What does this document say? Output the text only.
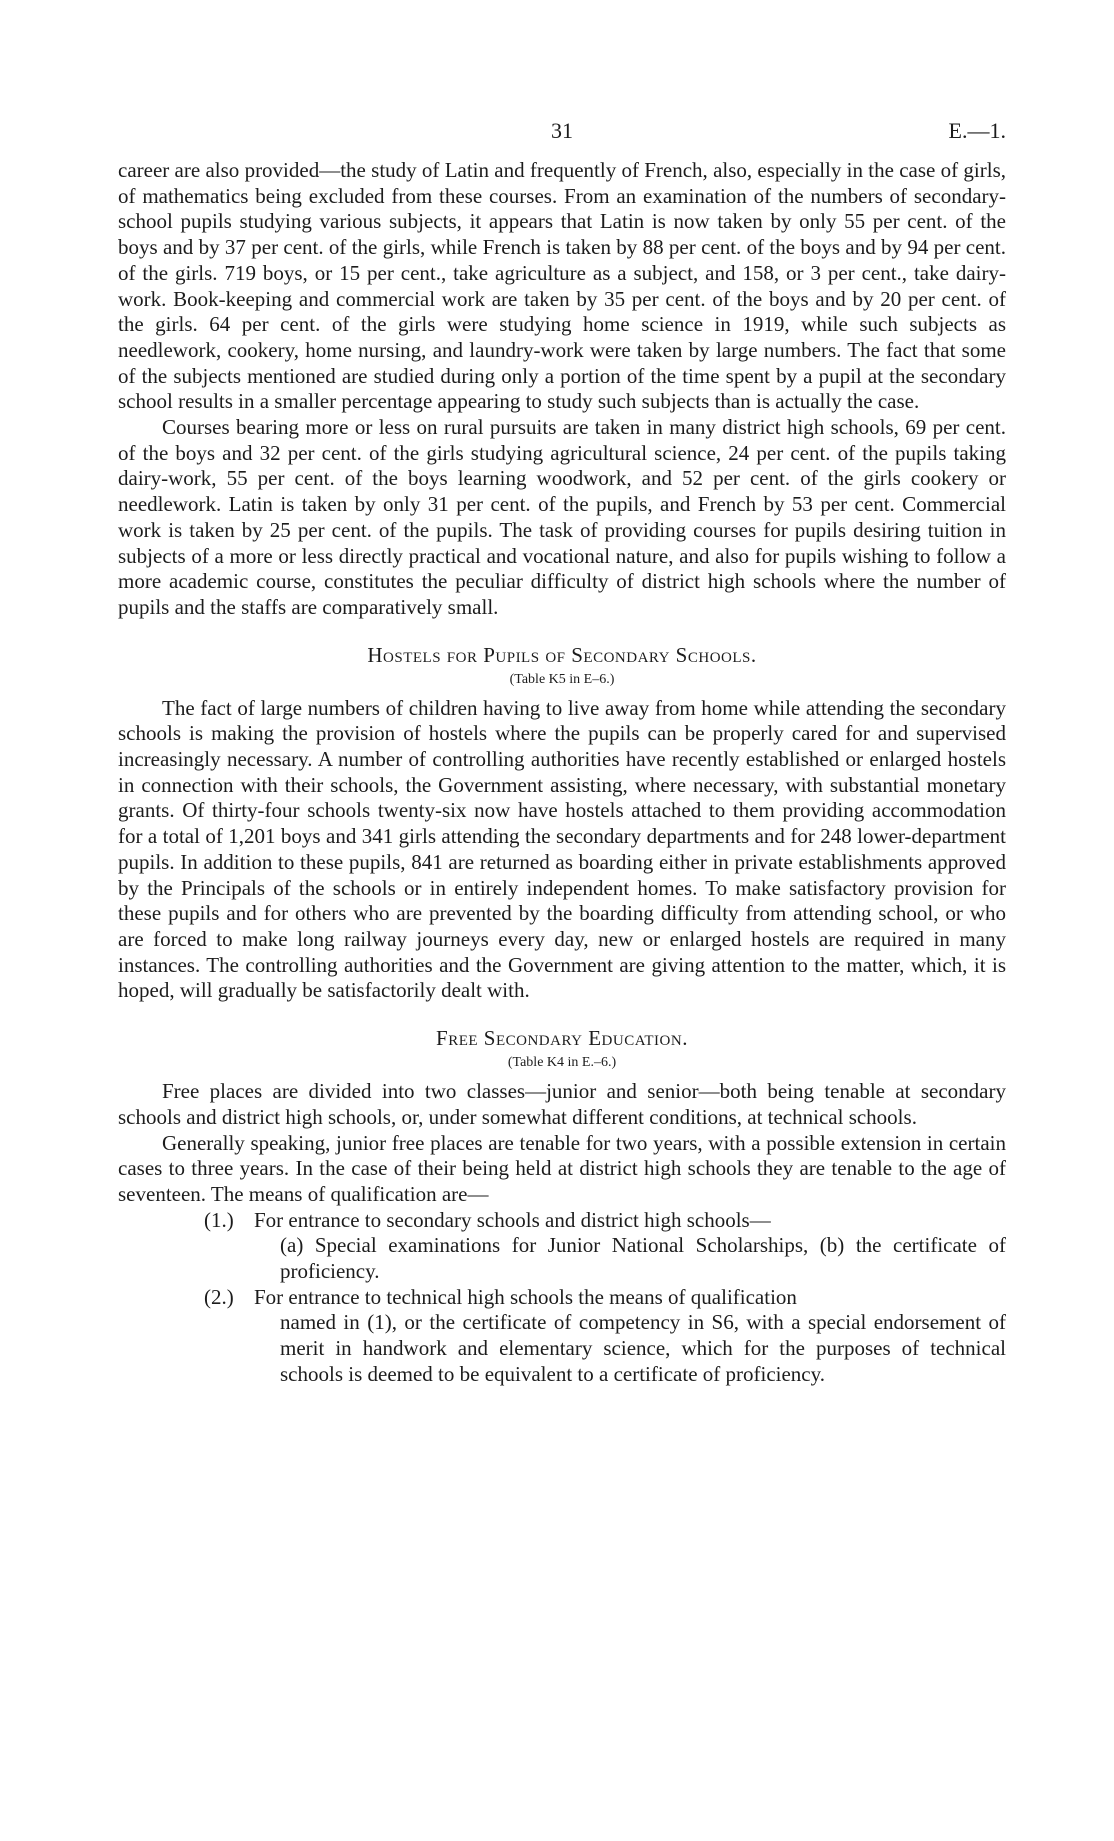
31	E.—1.

career are also provided—the study of Latin and frequently of French, also, especially in the case of girls, of mathematics being excluded from these courses. From an examination of the numbers of secondary-school pupils studying various subjects, it appears that Latin is now taken by only 55 per cent. of the boys and by 37 per cent. of the girls, while French is taken by 88 per cent. of the boys and by 94 per cent. of the girls. 719 boys, or 15 per cent., take agriculture as a subject, and 158, or 3 per cent., take dairy-work. Book-keeping and commercial work are taken by 35 per cent. of the boys and by 20 per cent. of the girls. 64 per cent. of the girls were studying home science in 1919, while such subjects as needlework, cookery, home nursing, and laundry-work were taken by large numbers. The fact that some of the subjects mentioned are studied during only a portion of the time spent by a pupil at the secondary school results in a smaller percentage appearing to study such subjects than is actually the case.

Courses bearing more or less on rural pursuits are taken in many district high schools, 69 per cent. of the boys and 32 per cent. of the girls studying agricultural science, 24 per cent. of the pupils taking dairy-work, 55 per cent. of the boys learning woodwork, and 52 per cent. of the girls cookery or needlework. Latin is taken by only 31 per cent. of the pupils, and French by 53 per cent. Commercial work is taken by 25 per cent. of the pupils. The task of providing courses for pupils desiring tuition in subjects of a more or less directly practical and vocational nature, and also for pupils wishing to follow a more academic course, constitutes the peculiar difficulty of district high schools where the number of pupils and the staffs are comparatively small.

Hostels for Pupils of Secondary Schools.
(Table K5 in E–6.)

The fact of large numbers of children having to live away from home while attending the secondary schools is making the provision of hostels where the pupils can be properly cared for and supervised increasingly necessary. A number of controlling authorities have recently established or enlarged hostels in connection with their schools, the Government assisting, where necessary, with substantial monetary grants. Of thirty-four schools twenty-six now have hostels attached to them providing accommodation for a total of 1,201 boys and 341 girls attending the secondary departments and for 248 lower-department pupils. In addition to these pupils, 841 are returned as boarding either in private establishments approved by the Principals of the schools or in entirely independent homes. To make satisfactory provision for these pupils and for others who are prevented by the boarding difficulty from attending school, or who are forced to make long railway journeys every day, new or enlarged hostels are required in many instances. The controlling authorities and the Government are giving attention to the matter, which, it is hoped, will gradually be satisfactorily dealt with.

Free Secondary Education.
(Table K4 in E.–6.)

Free places are divided into two classes—junior and senior—both being tenable at secondary schools and district high schools, or, under somewhat different conditions, at technical schools.

Generally speaking, junior free places are tenable for two years, with a possible extension in certain cases to three years. In the case of their being held at district high schools they are tenable to the age of seventeen. The means of qualification are—

(1.) For entrance to secondary schools and district high schools—
(a) Special examinations for Junior National Scholarships, (b) the certificate of proficiency.
(2.) For entrance to technical high schools the means of qualification
named in (1), or the certificate of competency in S6, with a special endorsement of merit in handwork and elementary science, which for the purposes of technical schools is deemed to be equivalent to a certificate of proficiency.
